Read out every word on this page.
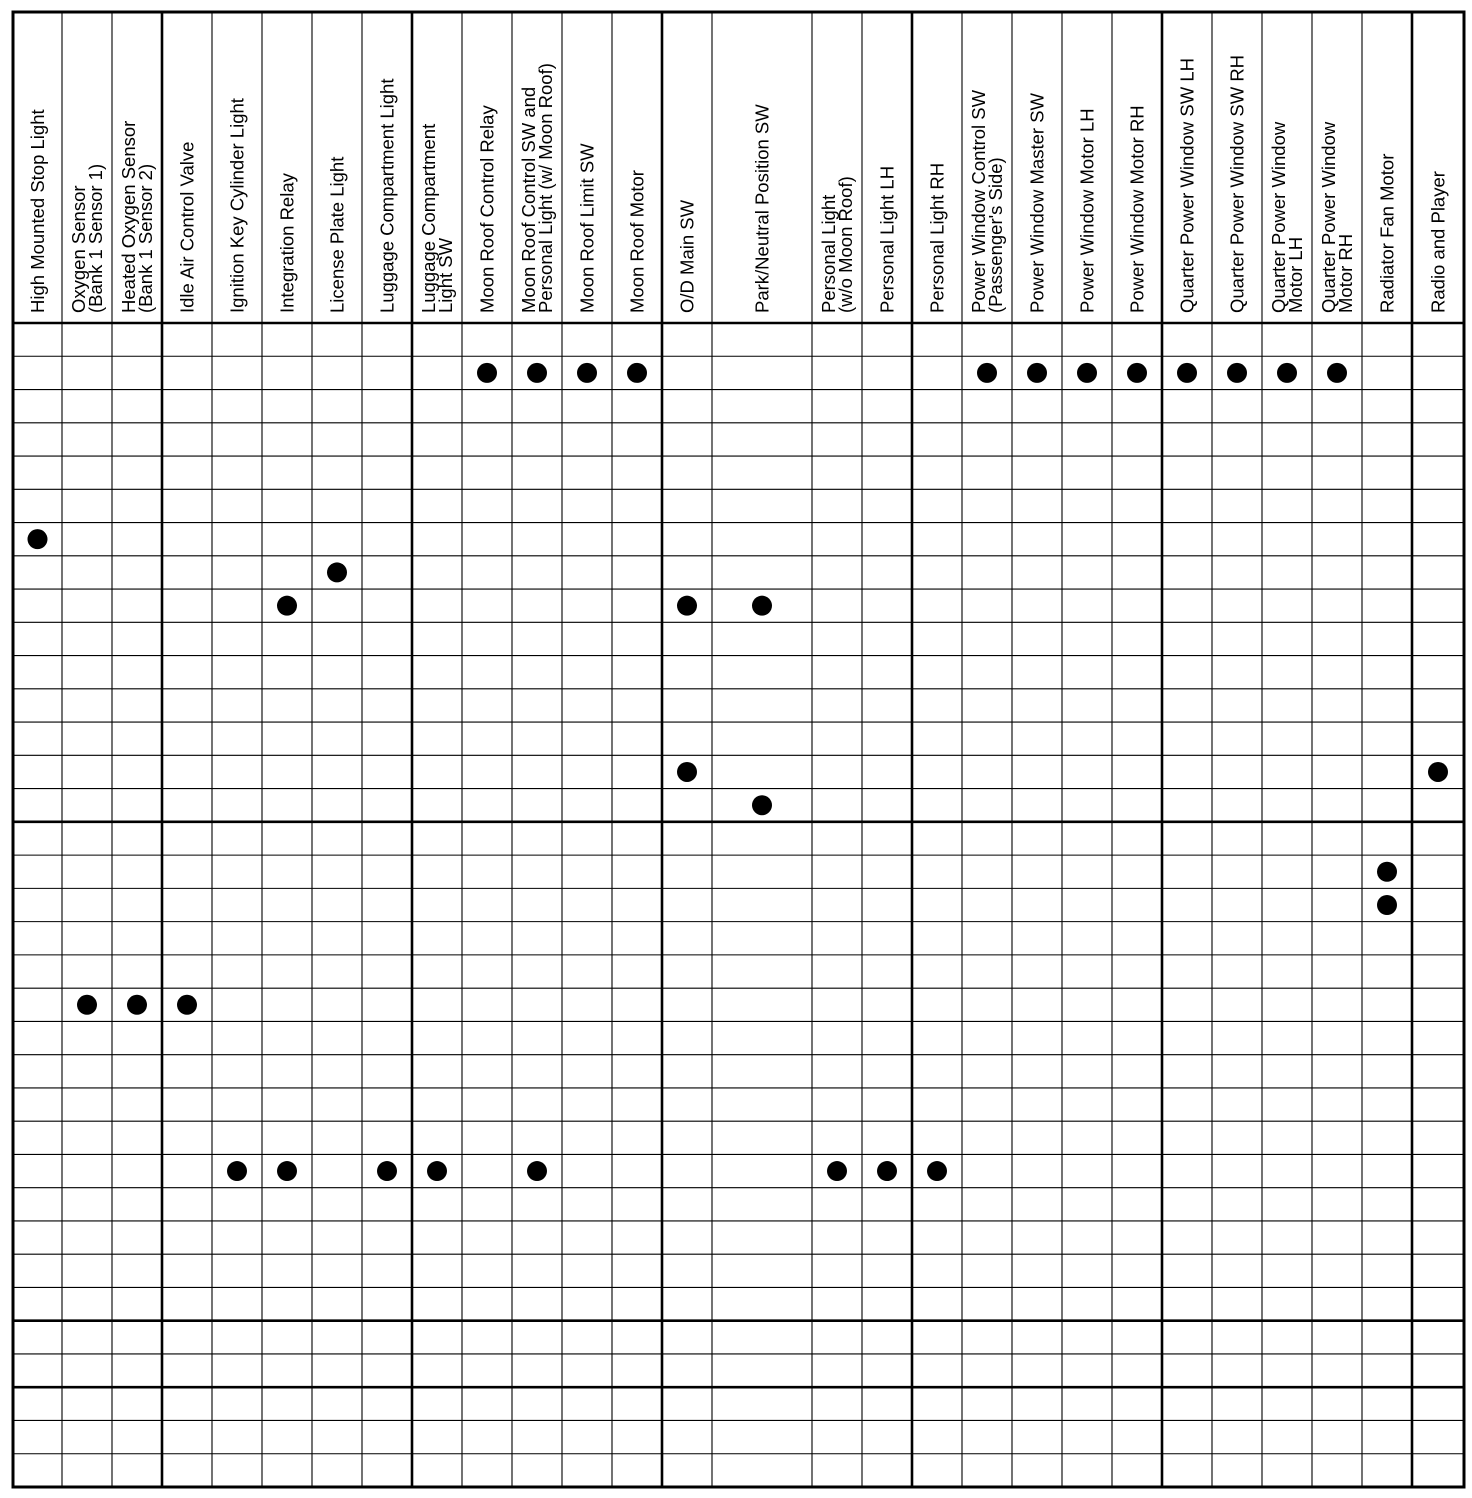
High Mounted Stop Light Oxygen Sensor
(Bank 1 Sensor 1) Heated Oxygen Sensor
(Bank 1 Sensor 2) Idle Air Control Valve Ignition Key Cylinder Light Integration Relay License Plate Light Luggage Compartment Light Luggage Compartment
Light SW Moon Roof Control Relay Moon Roof Control SW and
Personal Light (w/ Moon Roof) Moon Roof Limit SW Moon Roof Motor O/D Main SW	Park/Neutral Position SW Personal Light
(w/o Moon Roof) Personal Light LH Personal Light RH Power Window Control SW
(Passenger's Side) Power Window Master SW Power Window Motor LH Power Window Motor RH Quarter Power Window SW LH Quarter Power Window SW RH Quarter Power Window
Motor LH Quarter Power Window
Motor RH Radiator Fan Motor Radio and Player
